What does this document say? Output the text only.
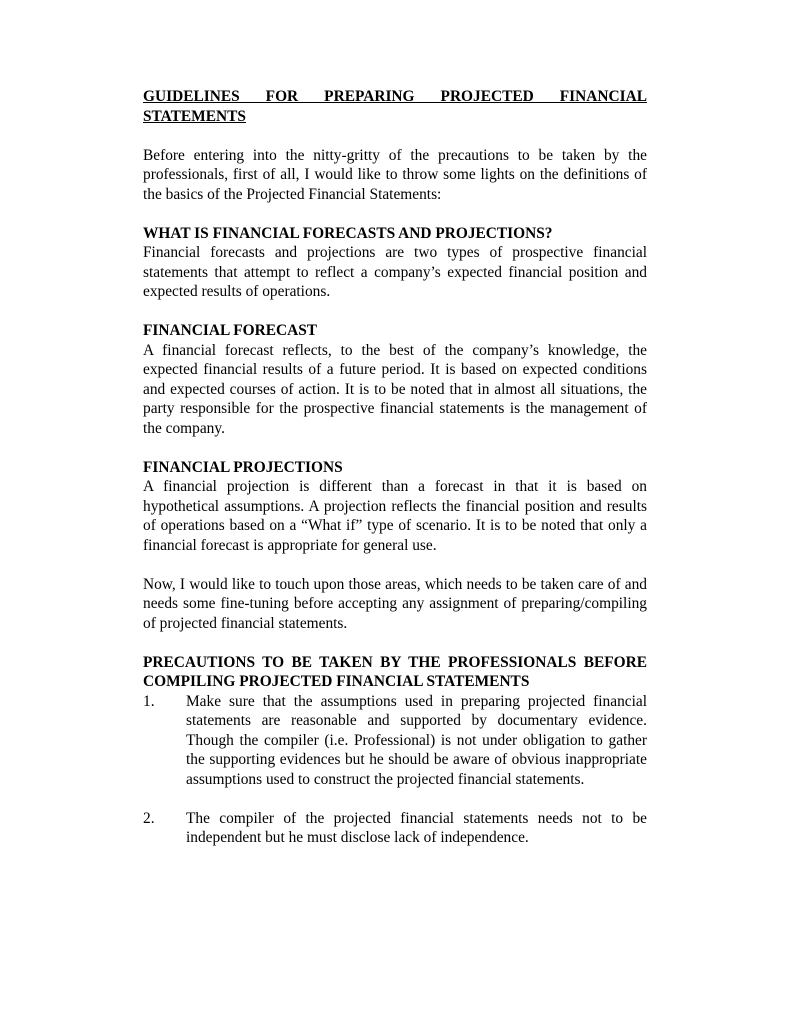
GUIDELINES FOR PREPARING PROJECTED FINANCIAL STATEMENTS

Before entering into the nitty-gritty of the precautions to be taken by the professionals, first of all, I would like to throw some lights on the definitions of the basics of the Projected Financial Statements:

WHAT IS FINANCIAL FORECASTS AND PROJECTIONS?

Financial forecasts and projections are two types of prospective financial statements that attempt to reflect a company’s expected financial position and expected results of operations.

FINANCIAL FORECAST

A financial forecast reflects, to the best of the company’s knowledge, the expected financial results of a future period. It is based on expected conditions and expected courses of action. It is to be noted that in almost all situations, the party responsible for the prospective financial statements is the management of the company.

FINANCIAL PROJECTIONS

A financial projection is different than a forecast in that it is based on hypothetical assumptions. A projection reflects the financial position and results of operations based on a “What if” type of scenario. It is to be noted that only a financial forecast is appropriate for general use.

Now, I would like to touch upon those areas, which needs to be taken care of and needs some fine-tuning before accepting any assignment of preparing/compiling of projected financial statements.

PRECAUTIONS TO BE TAKEN BY THE PROFESSIONALS BEFORE COMPILING PROJECTED FINANCIAL STATEMENTS

1.	Make sure that the assumptions used in preparing projected financial statements are reasonable and supported by documentary evidence. Though the compiler (i.e. Professional) is not under obligation to gather the supporting evidences but he should be aware of obvious inappropriate assumptions used to construct the projected financial statements.
2.	The compiler of the projected financial statements needs not to be independent but he must disclose lack of independence.
